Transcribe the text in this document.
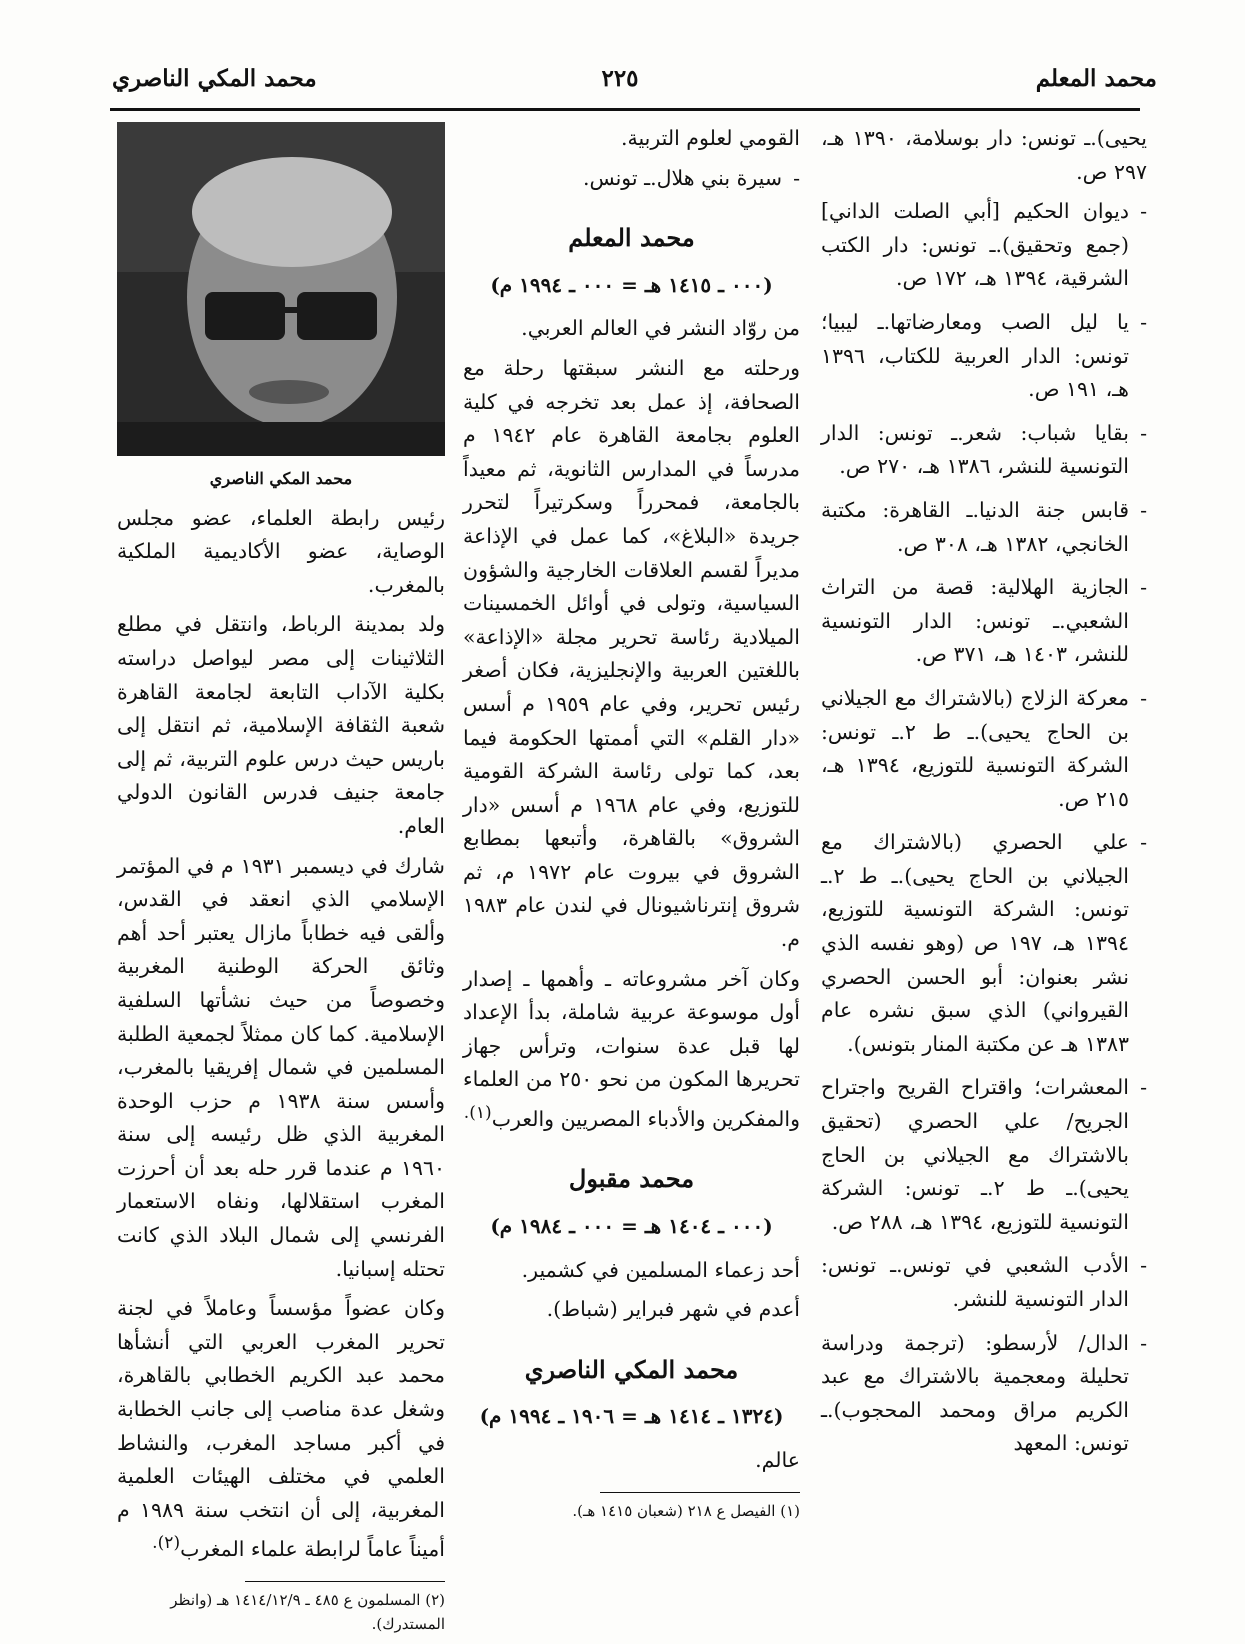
محمد المعلم
٢٢٥
محمد المكي الناصري

يحيى).ـ تونس: دار بوسلامة، ١٣٩٠ هـ، ٢٩٧ ص.

- ديوان الحكيم [أبي الصلت الداني] (جمع وتحقيق).ـ تونس: دار الكتب الشرقية، ١٣٩٤ هـ، ١٧٢ ص.
- يا ليل الصب ومعارضاتها.ـ ليبيا؛ تونس: الدار العربية للكتاب، ١٣٩٦ هـ، ١٩١ ص.
- بقايا شباب: شعر.ـ تونس: الدار التونسية للنشر، ١٣٨٦ هـ، ٢٧٠ ص.
- قابس جنة الدنيا.ـ القاهرة: مكتبة الخانجي، ١٣٨٢ هـ، ٣٠٨ ص.
- الجازية الهلالية: قصة من التراث الشعبي.ـ تونس: الدار التونسية للنشر، ١٤٠٣ هـ، ٣٧١ ص.
- معركة الزلاج (بالاشتراك مع الجيلاني بن الحاج يحيى).ـ ط ٢.ـ تونس: الشركة التونسية للتوزيع، ١٣٩٤ هـ، ٢١٥ ص.
- علي الحصري (بالاشتراك مع الجيلاني بن الحاج يحيى).ـ ط ٢.ـ تونس: الشركة التونسية للتوزيع، ١٣٩٤ هـ، ١٩٧ ص (وهو نفسه الذي نشر بعنوان: أبو الحسن الحصري القيرواني) الذي سبق نشره عام ١٣٨٣ هـ عن مكتبة المنار بتونس).
- المعشرات؛ واقتراح القريح واجتراح الجريح/ علي الحصري (تحقيق بالاشتراك مع الجيلاني بن الحاج يحيى).ـ ط ٢.ـ تونس: الشركة التونسية للتوزيع، ١٣٩٤ هـ، ٢٨٨ ص.
- الأدب الشعبي في تونس.ـ تونس: الدار التونسية للنشر.
- الدال/ لأرسطو: (ترجمة ودراسة تحليلة ومعجمية بالاشتراك مع عبد الكريم مراق ومحمد المحجوب).ـ تونس: المعهد

القومي لعلوم التربية.

- سيرة بني هلال.ـ تونس.
محمد المعلم
(٠٠٠ ـ ١٤١٥ هـ = ٠٠٠ ـ ١٩٩٤ م)

من روّاد النشر في العالم العربي.

ورحلته مع النشر سبقتها رحلة مع الصحافة، إذ عمل بعد تخرجه في كلية العلوم بجامعة القاهرة عام ١٩٤٢ م مدرساً في المدارس الثانوية، ثم معيداً بالجامعة، فمحرراً وسكرتيراً لتحرر جريدة «البلاغ»، كما عمل في الإذاعة مديراً لقسم العلاقات الخارجية والشؤون السياسية، وتولى في أوائل الخمسينات الميلادية رئاسة تحرير مجلة «الإذاعة» باللغتين العربية والإنجليزية، فكان أصغر رئيس تحرير، وفي عام ١٩٥٩ م أسس «دار القلم» التي أممتها الحكومة فيما بعد، كما تولى رئاسة الشركة القومية للتوزيع، وفي عام ١٩٦٨ م أسس «دار الشروق» بالقاهرة، وأتبعها بمطابع الشروق في بيروت عام ١٩٧٢ م، ثم شروق إنترناشيونال في لندن عام ١٩٨٣ م.

وكان آخر مشروعاته ـ وأهمها ـ إصدار أول موسوعة عربية شاملة، بدأ الإعداد لها قبل عدة سنوات، وترأس جهاز تحريرها المكون من نحو ٢٥٠ من العلماء والمفكرين والأدباء المصريين والعرب$^{(١).}$

محمد مقبول
(٠٠٠ ـ ١٤٠٤ هـ = ٠٠٠ ـ ١٩٨٤ م)

أحد زعماء المسلمين في كشمير.

أعدم في شهر فبراير (شباط).

محمد المكي الناصري
(١٣٢٤ ـ ١٤١٤ هـ = ١٩٠٦ ـ ١٩٩٤ م)

عالم.

(١) الفيصل ع ٢١٨ (شعبان ١٤١٥ هـ).
محمد المكي الناصري

رئيس رابطة العلماء، عضو مجلس الوصاية، عضو الأكاديمية الملكية بالمغرب.

ولد بمدينة الرباط، وانتقل في مطلع الثلاثينات إلى مصر ليواصل دراسته بكلية الآداب التابعة لجامعة القاهرة شعبة الثقافة الإسلامية، ثم انتقل إلى باريس حيث درس علوم التربية، ثم إلى جامعة جنيف فدرس القانون الدولي العام.

شارك في ديسمبر ١٩٣١ م في المؤتمر الإسلامي الذي انعقد في القدس، وألقى فيه خطاباً مازال يعتبر أحد أهم وثائق الحركة الوطنية المغربية وخصوصاً من حيث نشأتها السلفية الإسلامية. كما كان ممثلاً لجمعية الطلبة المسلمين في شمال إفريقيا بالمغرب، وأسس سنة ١٩٣٨ م حزب الوحدة المغربية الذي ظل رئيسه إلى سنة ١٩٦٠ م عندما قرر حله بعد أن أحرزت المغرب استقلالها، ونفاه الاستعمار الفرنسي إلى شمال البلاد الذي كانت تحتله إسبانيا.

وكان عضواً مؤسساً وعاملاً في لجنة تحرير المغرب العربي التي أنشأها محمد عبد الكريم الخطابي بالقاهرة، وشغل عدة مناصب إلى جانب الخطابة في أكبر مساجد المغرب، والنشاط العلمي في مختلف الهيئات العلمية المغربية، إلى أن انتخب سنة ١٩٨٩ م أميناً عاماً لرابطة علماء المغرب$^{(٢).}$

(٢) المسلمون ع ٤٨٥ ـ ١٤١٤/١٢/٩ هـ (وانظر المستدرك).
